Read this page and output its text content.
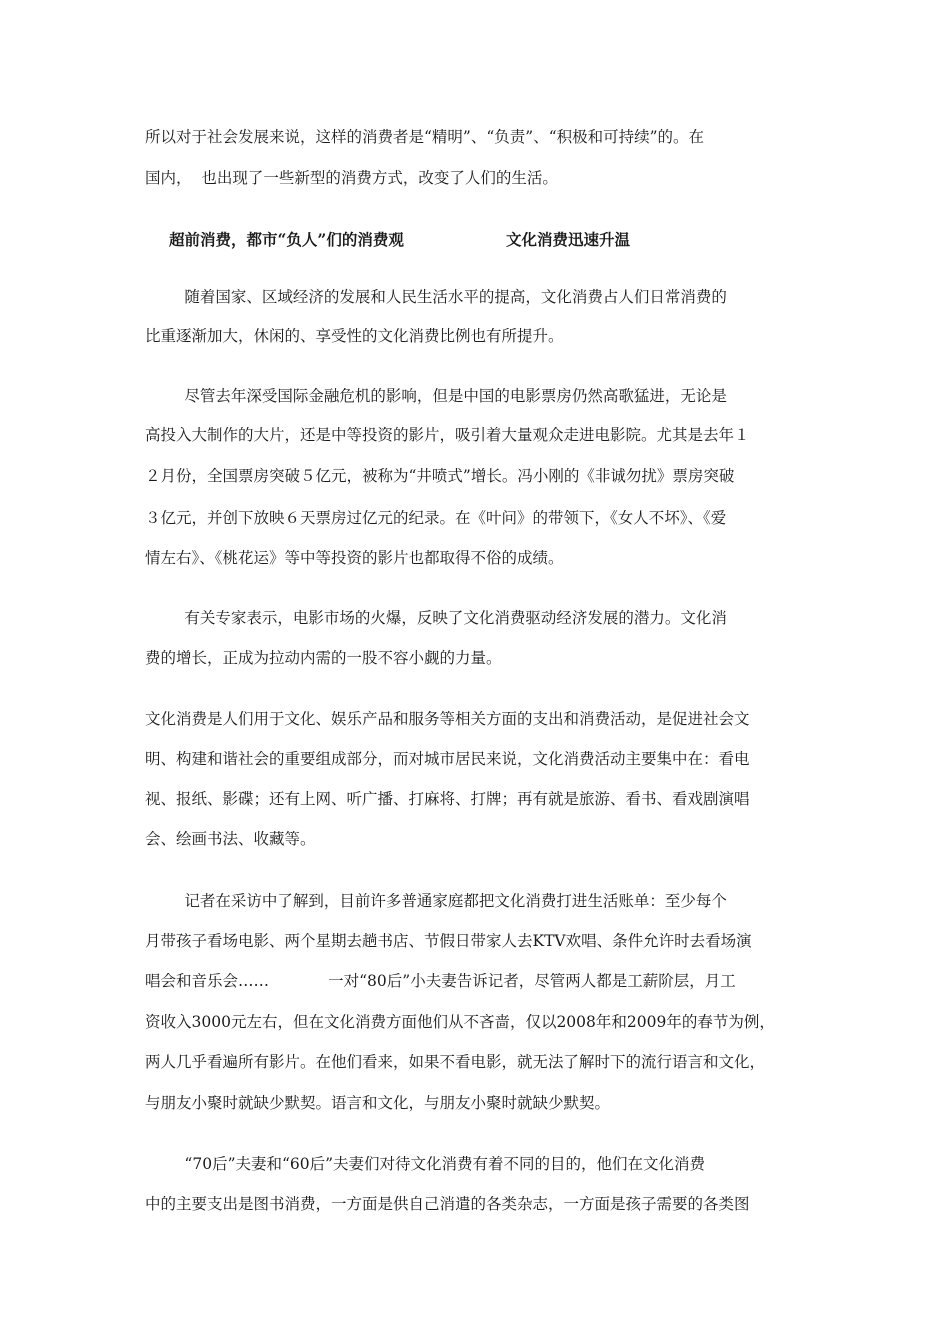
所以对于社会发展来说，这样的消费者是“精明”、“负责”、“积极和可持续”的。在
国内，  也出现了一些新型的消费方式，改变了人们的生活。
超前消费，都市“负人”们的消费观	文化消费迅速升温
随着国家、区域经济的发展和人民生活水平的提高，文化消费占人们日常消费的
比重逐渐加大，休闲的、享受性的文化消费比例也有所提升。
尽管去年深受国际金融危机的影响，但是中国的电影票房仍然高歌猛进，无论是
高投入大制作的大片，还是中等投资的影片，吸引着大量观众走进电影院。尤其是去年１
２月份，全国票房突破５亿元，被称为“井喷式”增长。冯小刚的《非诚勿扰》票房突破
３亿元，并创下放映６天票房过亿元的纪录。在《叶问》的带领下，《女人不坏》、《爱
情左右》、《桃花运》等中等投资的影片也都取得不俗的成绩。
有关专家表示，电影市场的火爆，反映了文化消费驱动经济发展的潜力。文化消
费的增长，正成为拉动内需的一股不容小觑的力量。
文化消费是人们用于文化、娱乐产品和服务等相关方面的支出和消费活动，是促进社会文
明、构建和谐社会的重要组成部分，而对城市居民来说，文化消费活动主要集中在：看电
视、报纸、影碟；还有上网、听广播、打麻将、打牌；再有就是旅游、看书、看戏剧演唱
会、绘画书法、收藏等。
记者在采访中了解到，目前许多普通家庭都把文化消费打进生活账单：至少每个
月带孩子看场电影、两个星期去趟书店、节假日带家人去KTV欢唱、条件允许时去看场演
唱会和音乐会……            一对“80后”小夫妻告诉记者，尽管两人都是工薪阶层，月工
资收入3000元左右，但在文化消费方面他们从不吝啬，仅以2008年和2009年的春节为例，
两人几乎看遍所有影片。在他们看来，如果不看电影，就无法了解时下的流行语言和文化，
与朋友小聚时就缺少默契。语言和文化，与朋友小聚时就缺少默契。
“70后”夫妻和“60后”夫妻们对待文化消费有着不同的目的，他们在文化消费
中的主要支出是图书消费，一方面是供自己消遣的各类杂志，一方面是孩子需要的各类图
